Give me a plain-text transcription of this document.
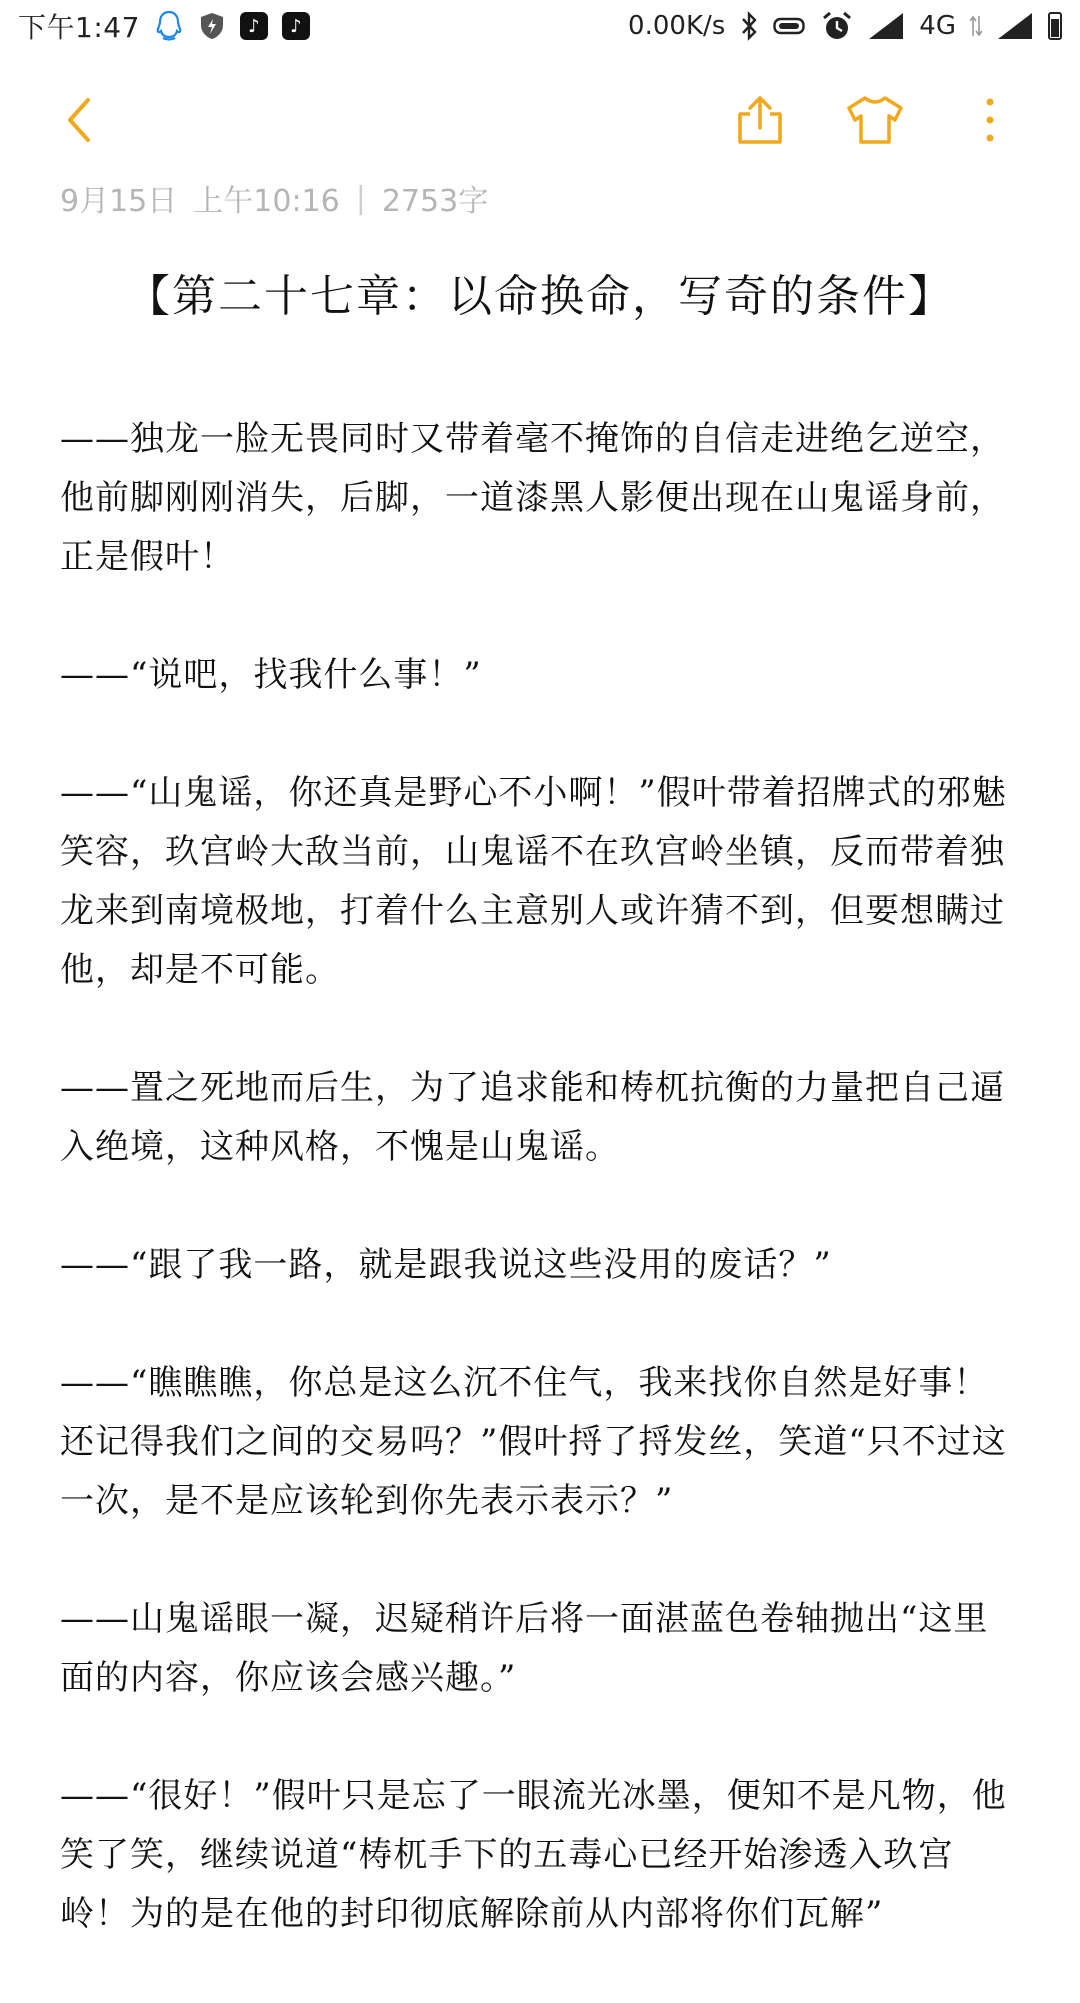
下午1:47	♪	♪	0.00K/s	4G
9月15日 上午10:16 | 2753字
【第二十七章：以命换命，写奇的条件】

——独龙一脸无畏同时又带着毫不掩饰的自信走进绝乞逆空，他前脚刚刚消失，后脚，一道漆黑人影便出现在山鬼谣身前，正是假叶！

——“说吧，找我什么事！”

——“山鬼谣，你还真是野心不小啊！”假叶带着招牌式的邪魅笑容，玖宫岭大敌当前，山鬼谣不在玖宫岭坐镇，反而带着独龙来到南境极地，打着什么主意别人或许猜不到，但要想瞒过他，却是不可能。

——置之死地而后生，为了追求能和梼杌抗衡的力量把自己逼入绝境，这种风格，不愧是山鬼谣。

——“跟了我一路，就是跟我说这些没用的废话？”

——“瞧瞧瞧，你总是这么沉不住气，我来找你自然是好事！还记得我们之间的交易吗？”假叶捋了捋发丝，笑道“只不过这一次，是不是应该轮到你先表示表示？”

——山鬼谣眼一凝，迟疑稍许后将一面湛蓝色卷轴抛出“这里面的内容，你应该会感兴趣。”

——“很好！”假叶只是忘了一眼流光冰墨，便知不是凡物，他笑了笑，继续说道“梼杌手下的五毒心已经开始渗透入玖宫岭！为的是在他的封印彻底解除前从内部将你们瓦解”
